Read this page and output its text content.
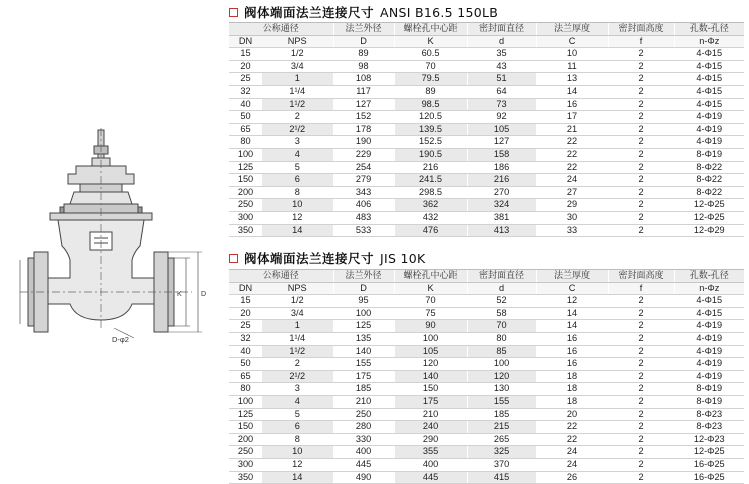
K	D
D-φ2
阀体端面法兰连接尺寸 ANSI B16.5 150LB
公称通径		法兰外径	螺栓孔中心距	密封面直径	法兰厚度	密封面高度	孔数-孔径
DN	NPS	D	K	d	C	f	n-Φz
15	1/2	89	60.5	35	10	2	4-Φ15
20	3/4	98	70	43	11	2	4-Φ15
25	1	108	79.5	51	13	2	4-Φ15
32	1¹/4	117	89	64	14	2	4-Φ15
40	1¹/2	127	98.5	73	16	2	4-Φ15
50	2	152	120.5	92	17	2	4-Φ19
65	2¹/2	178	139.5	105	21	2	4-Φ19
80	3	190	152.5	127	22	2	4-Φ19
100	4	229	190.5	158	22	2	8-Φ19
125	5	254	216	186	22	2	8-Φ22
150	6	279	241.5	216	24	2	8-Φ22
200	8	343	298.5	270	27	2	8-Φ22
250	10	406	362	324	29	2	12-Φ25
300	12	483	432	381	30	2	12-Φ25
350	14	533	476	413	33	2	12-Φ29
阀体端面法兰连接尺寸 JIS 10K
公称通径		法兰外径	螺栓孔中心距	密封面直径	法兰厚度	密封面高度	孔数-孔径
DN	NPS	D	K	d	C	f	n-Φz
15	1/2	95	70	52	12	2	4-Φ15
20	3/4	100	75	58	14	2	4-Φ15
25	1	125	90	70	14	2	4-Φ19
32	1¹/4	135	100	80	16	2	4-Φ19
40	1¹/2	140	105	85	16	2	4-Φ19
50	2	155	120	100	16	2	4-Φ19
65	2¹/2	175	140	120	18	2	4-Φ19
80	3	185	150	130	18	2	8-Φ19
100	4	210	175	155	18	2	8-Φ19
125	5	250	210	185	20	2	8-Φ23
150	6	280	240	215	22	2	8-Φ23
200	8	330	290	265	22	2	12-Φ23
250	10	400	355	325	24	2	12-Φ25
300	12	445	400	370	24	2	16-Φ25
350	14	490	445	415	26	2	16-Φ25
